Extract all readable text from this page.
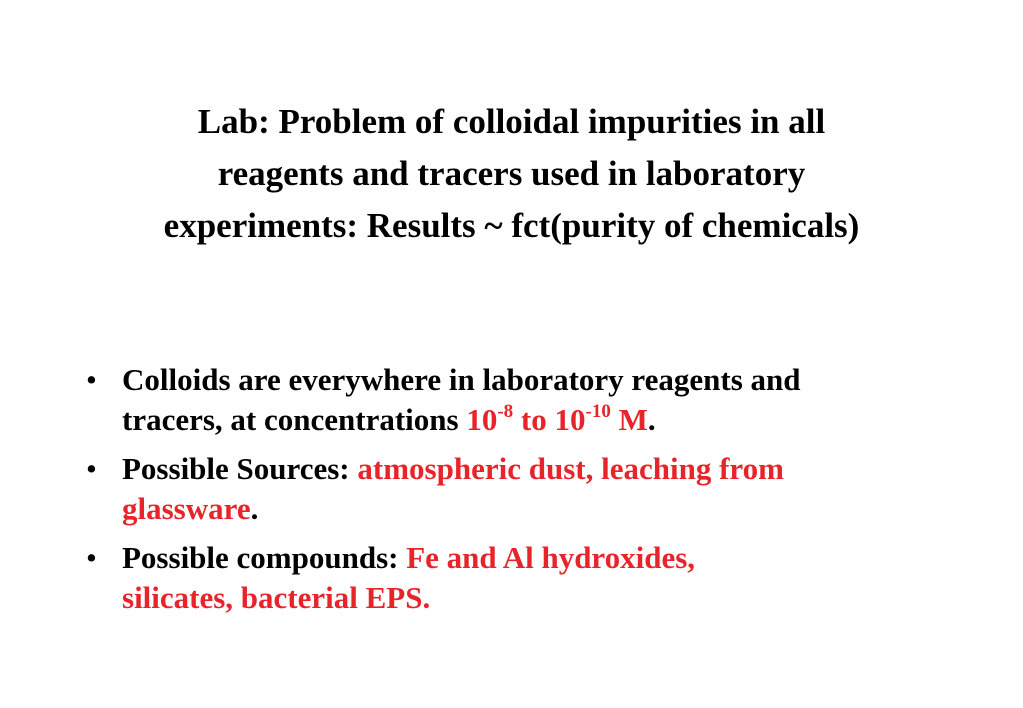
Lab: Problem of colloidal impurities in all
reagents and tracers used in laboratory
experiments: Results ~ fct(purity of chemicals)
• Colloids are everywhere in laboratory reagents and
tracers, at concentrations $10^{-8}$ to $10^{-10}$ M.
• Possible Sources: atmospheric dust, leaching from
glassware.
• Possible compounds: Fe and Al hydroxides,
silicates, bacterial EPS.
